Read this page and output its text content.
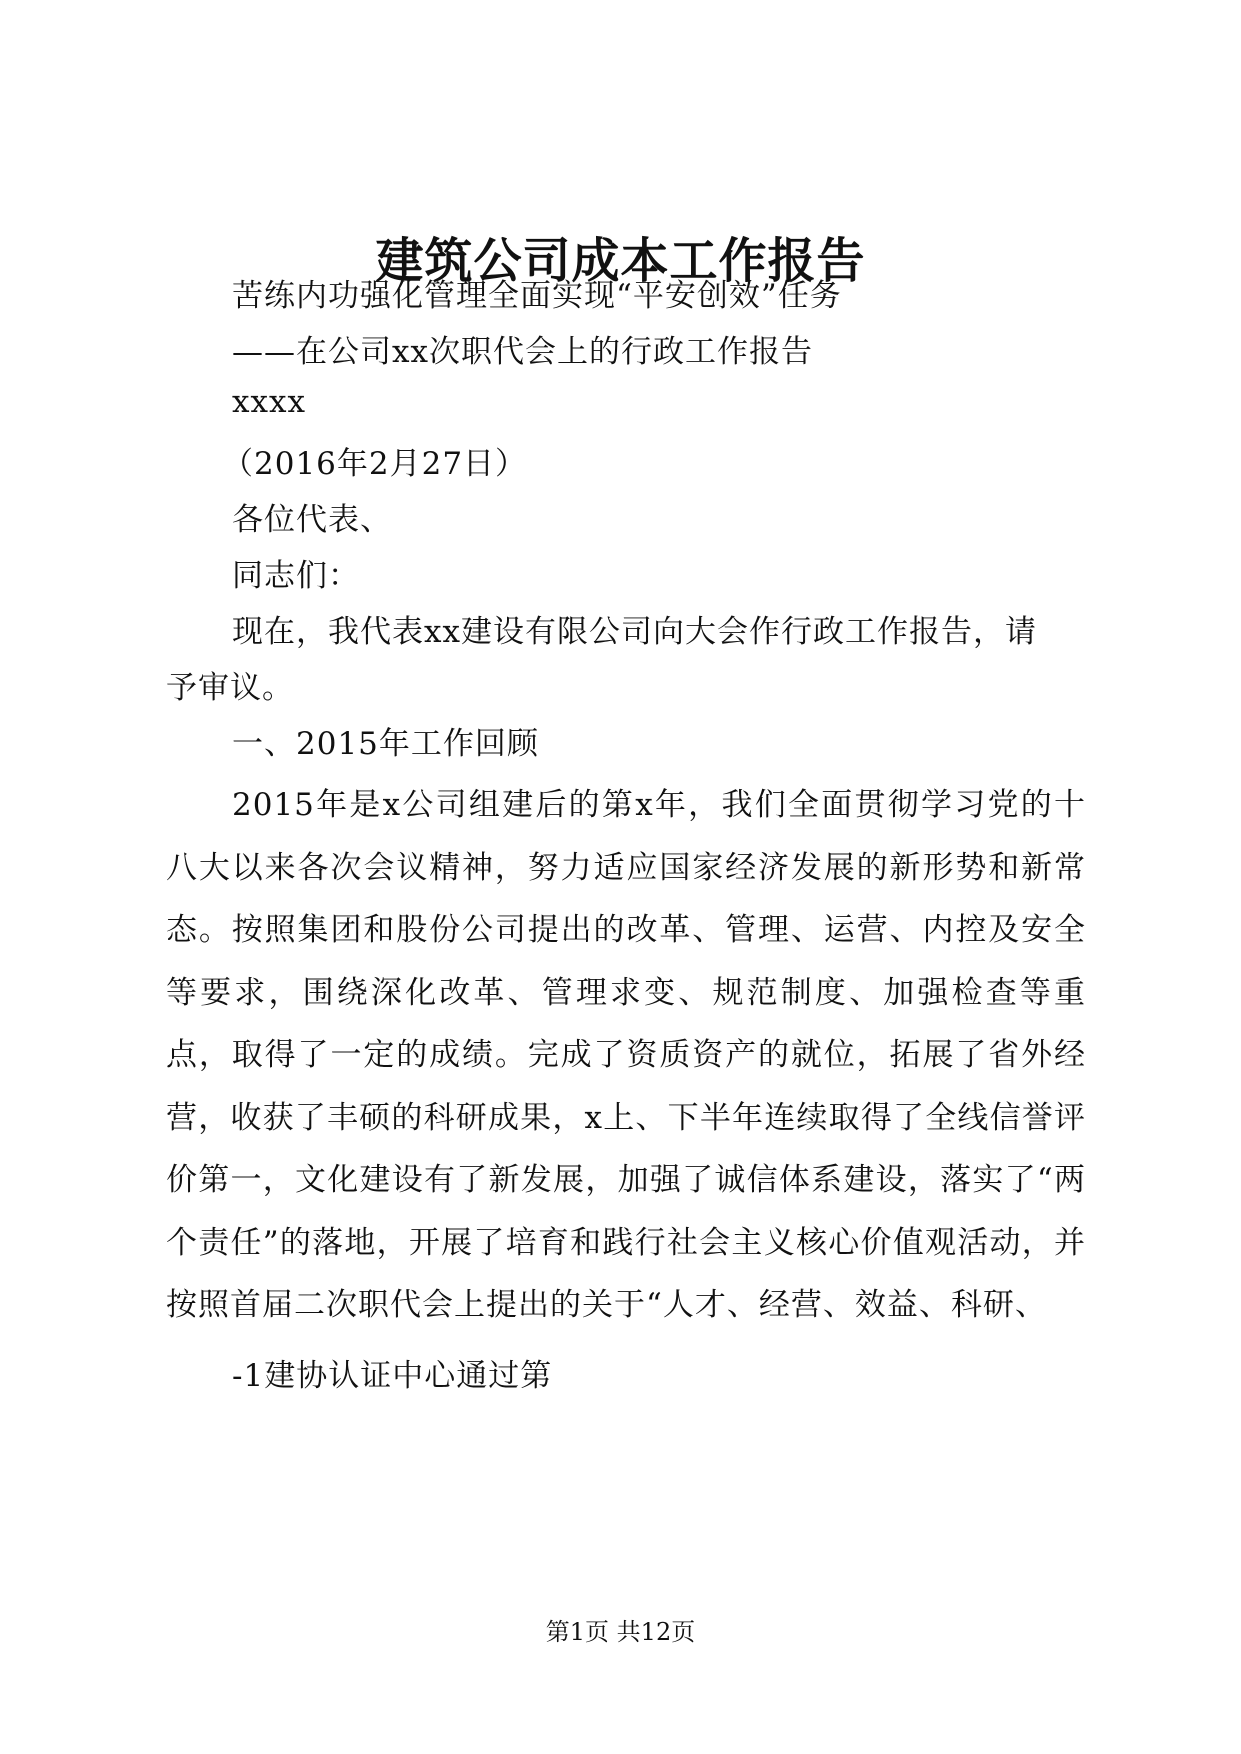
建筑公司成本工作报告
苦练内功强化管理全面实现“平安创效”任务
——在公司xx次职代会上的行政工作报告
xxxx
（2016年2月27日）
各位代表、
同志们：
现在，我代表xx建设有限公司向大会作行政工作报告，请
予审议。
一、2015年工作回顾

2015年是x公司组建后的第x年，我们全面贯彻学习党的十八大以来各次会议精神，努力适应国家经济发展的新形势和新常态。按照集团和股份公司提出的改革、管理、运营、内控及安全等要求，围绕深化改革、管理求变、规范制度、加强检查等重点，取得了一定的成绩。完成了资质资产的就位，拓展了省外经营，收获了丰硕的科研成果，x上、下半年连续取得了全线信誉评价第一，文化建设有了新发展，加强了诚信体系建设，落实了“两个责任”的落地，开展了培育和践行社会主义核心价值观活动，并按照首届二次职代会上提出的关于“人才、经营、效益、科研、

-1建协认证中心通过第
第1页 共12页
